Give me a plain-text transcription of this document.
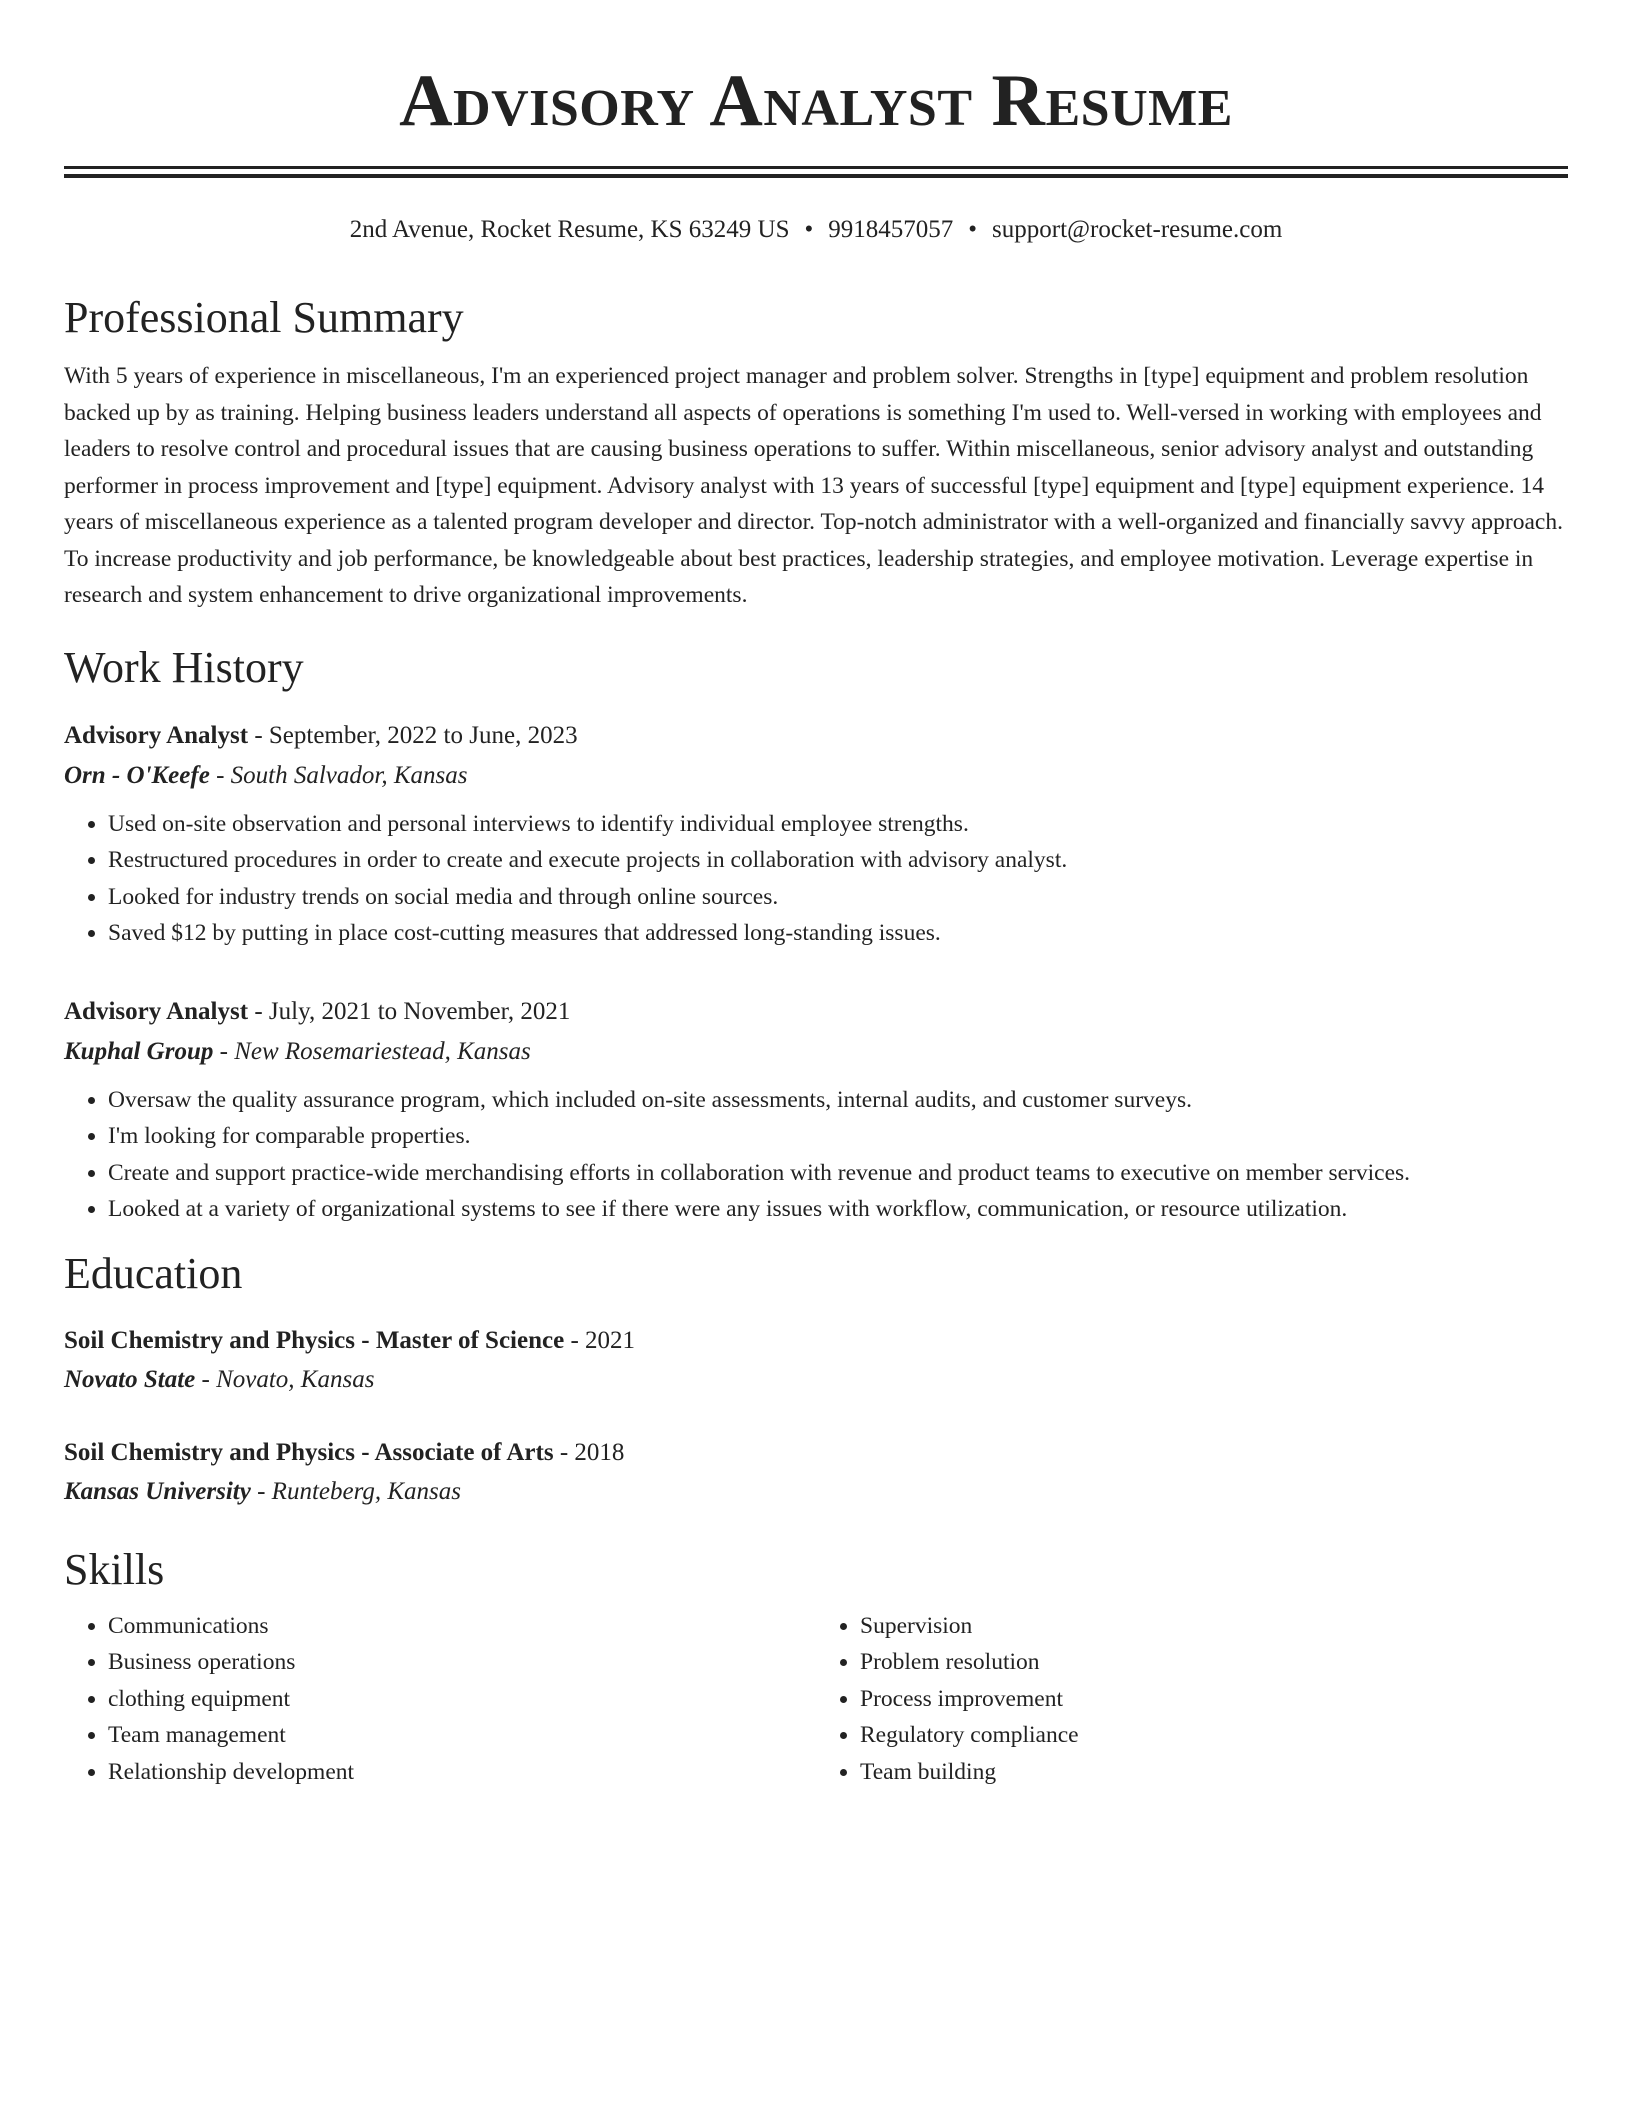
Advisory Analyst Resume
2nd Avenue, Rocket Resume, KS 63249 US • 9918457057 • support@rocket-resume.com
Professional Summary

With 5 years of experience in miscellaneous, I'm an experienced project manager and problem solver. Strengths in [type] equipment and problem resolution backed up by as training. Helping business leaders understand all aspects of operations is something I'm used to. Well-versed in working with employees and leaders to resolve control and procedural issues that are causing business operations to suffer. Within miscellaneous, senior advisory analyst and outstanding performer in process improvement and [type] equipment. Advisory analyst with 13 years of successful [type] equipment and [type] equipment experience. 14 years of miscellaneous experience as a talented program developer and director. Top-notch administrator with a well-organized and financially savvy approach. To increase productivity and job performance, be knowledgeable about best practices, leadership strategies, and employee motivation. Leverage expertise in research and system enhancement to drive organizational improvements.

Work History
Advisory Analyst - September, 2022 to June, 2023
Orn - O'Keefe - South Salvador, Kansas
• Used on-site observation and personal interviews to identify individual employee strengths.
• Restructured procedures in order to create and execute projects in collaboration with advisory analyst.
• Looked for industry trends on social media and through online sources.
• Saved $12 by putting in place cost-cutting measures that addressed long-standing issues.
Advisory Analyst - July, 2021 to November, 2021
Kuphal Group - New Rosemariestead, Kansas
• Oversaw the quality assurance program, which included on-site assessments, internal audits, and customer surveys.
• I'm looking for comparable properties.
• Create and support practice-wide merchandising efforts in collaboration with revenue and product teams to executive on member services.
• Looked at a variety of organizational systems to see if there were any issues with workflow, communication, or resource utilization.
Education
Soil Chemistry and Physics - Master of Science - 2021
Novato State - Novato, Kansas
Soil Chemistry and Physics - Associate of Arts - 2018
Kansas University - Runteberg, Kansas
Skills
• Communications
• Business operations
• clothing equipment
• Team management
• Relationship development
• Supervision
• Problem resolution
• Process improvement
• Regulatory compliance
• Team building
